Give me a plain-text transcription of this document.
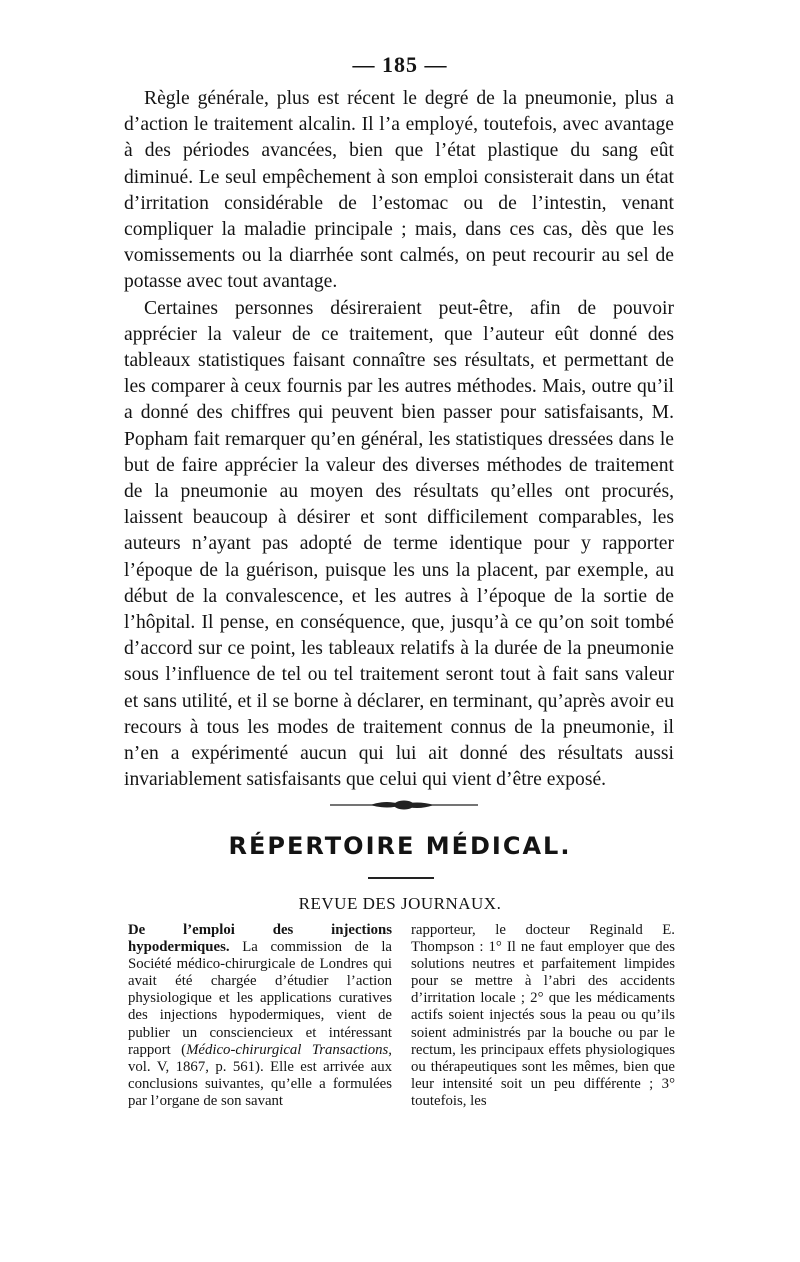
— 185 —

Règle générale, plus est récent le degré de la pneumonie, plus a d’action le traitement alcalin. Il l’a employé, toutefois, avec avantage à des périodes avancées, bien que l’état plastique du sang eût diminué. Le seul empêchement à son emploi consisterait dans un état d’irritation considérable de l’estomac ou de l’intestin, venant compliquer la maladie principale ; mais, dans ces cas, dès que les vomissements ou la diarrhée sont calmés, on peut recourir au sel de potasse avec tout avantage.

Certaines personnes désireraient peut-être, afin de pouvoir apprécier la valeur de ce traitement, que l’auteur eût donné des tableaux statistiques faisant connaître ses résultats, et permettant de les comparer à ceux fournis par les autres méthodes. Mais, outre qu’il a donné des chiffres qui peuvent bien passer pour satisfaisants, M. Popham fait remarquer qu’en général, les statistiques dressées dans le but de faire apprécier la valeur des diverses méthodes de traitement de la pneumonie au moyen des résultats qu’elles ont procurés, laissent beaucoup à désirer et sont difficilement comparables, les auteurs n’ayant pas adopté de terme identique pour y rapporter l’époque de la guérison, puisque les uns la placent, par exemple, au début de la convalescence, et les autres à l’époque de la sortie de l’hôpital. Il pense, en conséquence, que, jusqu’à ce qu’on soit tombé d’accord sur ce point, les tableaux relatifs à la durée de la pneumonie sous l’influence de tel ou tel traitement seront tout à fait sans valeur et sans utilité, et il se borne à déclarer, en terminant, qu’après avoir eu recours à tous les modes de traitement connus de la pneumonie, il n’en a expérimenté aucun qui lui ait donné des résultats aussi invariablement satisfaisants que celui qui vient d’être exposé.

RÉPERTOIRE MÉDICAL.
REVUE DES JOURNAUX.

De l’emploi des injections hypodermiques. La commission de la Société médico-chirurgicale de Londres qui avait été chargée d’étudier l’action physiologique et les applications curatives des injections hypodermiques, vient de publier un consciencieux et intéressant rapport (Médico-chirurgical Transactions, vol. V, 1867, p. 561). Elle est arrivée aux conclusions suivantes, qu’elle a formulées par l’organe de son savant

rapporteur, le docteur Reginald E. Thompson : 1° Il ne faut employer que des solutions neutres et parfaitement limpides pour se mettre à l’abri des accidents d’irritation locale ; 2° que les médicaments actifs soient injectés sous la peau ou qu’ils soient administrés par la bouche ou par le rectum, les principaux effets physiologiques ou thérapeutiques sont les mêmes, bien que leur intensité soit un peu différente ; 3° toutefois, les
